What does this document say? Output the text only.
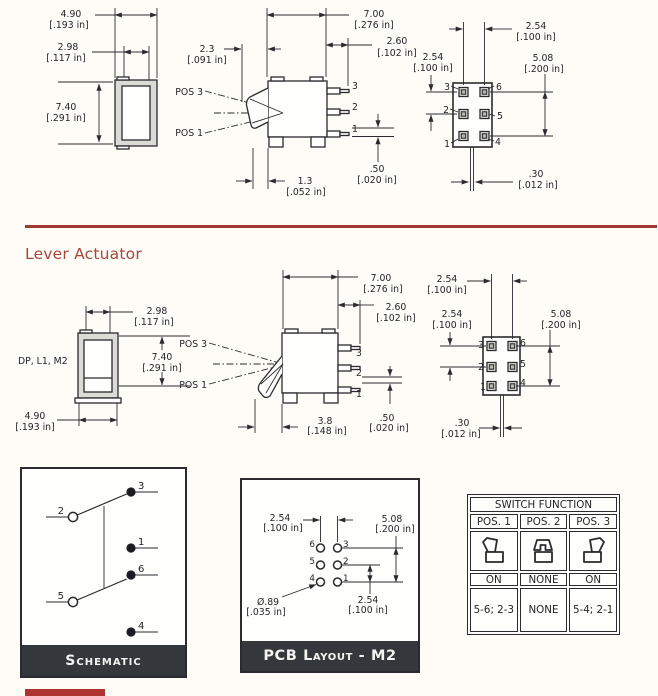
4.90
[.193 in]
2.98
[.117 in]
7.40
[.291 in]
7.00
[.276 in]
2.3
[.091 in]
2.60
[.102 in]
POS 3
POS 1
3
2
1
1.3
[.052 in]
.50
[.020 in]
3	6
2
5
1	4
2.54
[.100 in]
2.54
[.100 in]
5.08
[.200 in]
.30
[.012 in]
Lever Actuator
2.98
[.117 in]
DP, L1, M2	7.40
[.291 in]
4.90
[.193 in]
7.00
[.276 in]
2.60
[.102 in]
POS 3
POS 1
3
2
1
3.8
[.148 in]
.50
[.020 in]
3	6
2	5
1	4
2.54
[.100 in]
2.54
[.100 in]
5.08
[.200 in]
.30
[.012 in]
3
2
1
6
5
4
Schematic
2.54
[.100 in]
5.08
[.200 in]
2.54
[.100 in]
Ø.89
[.035 in]
6	3
5	2
4	1
PCB Layout - M2
SWITCH FUNCTION
POS. 1	POS. 2	POS. 3
ON	NONE	ON
5-6; 2-3	NONE	5-4; 2-1
